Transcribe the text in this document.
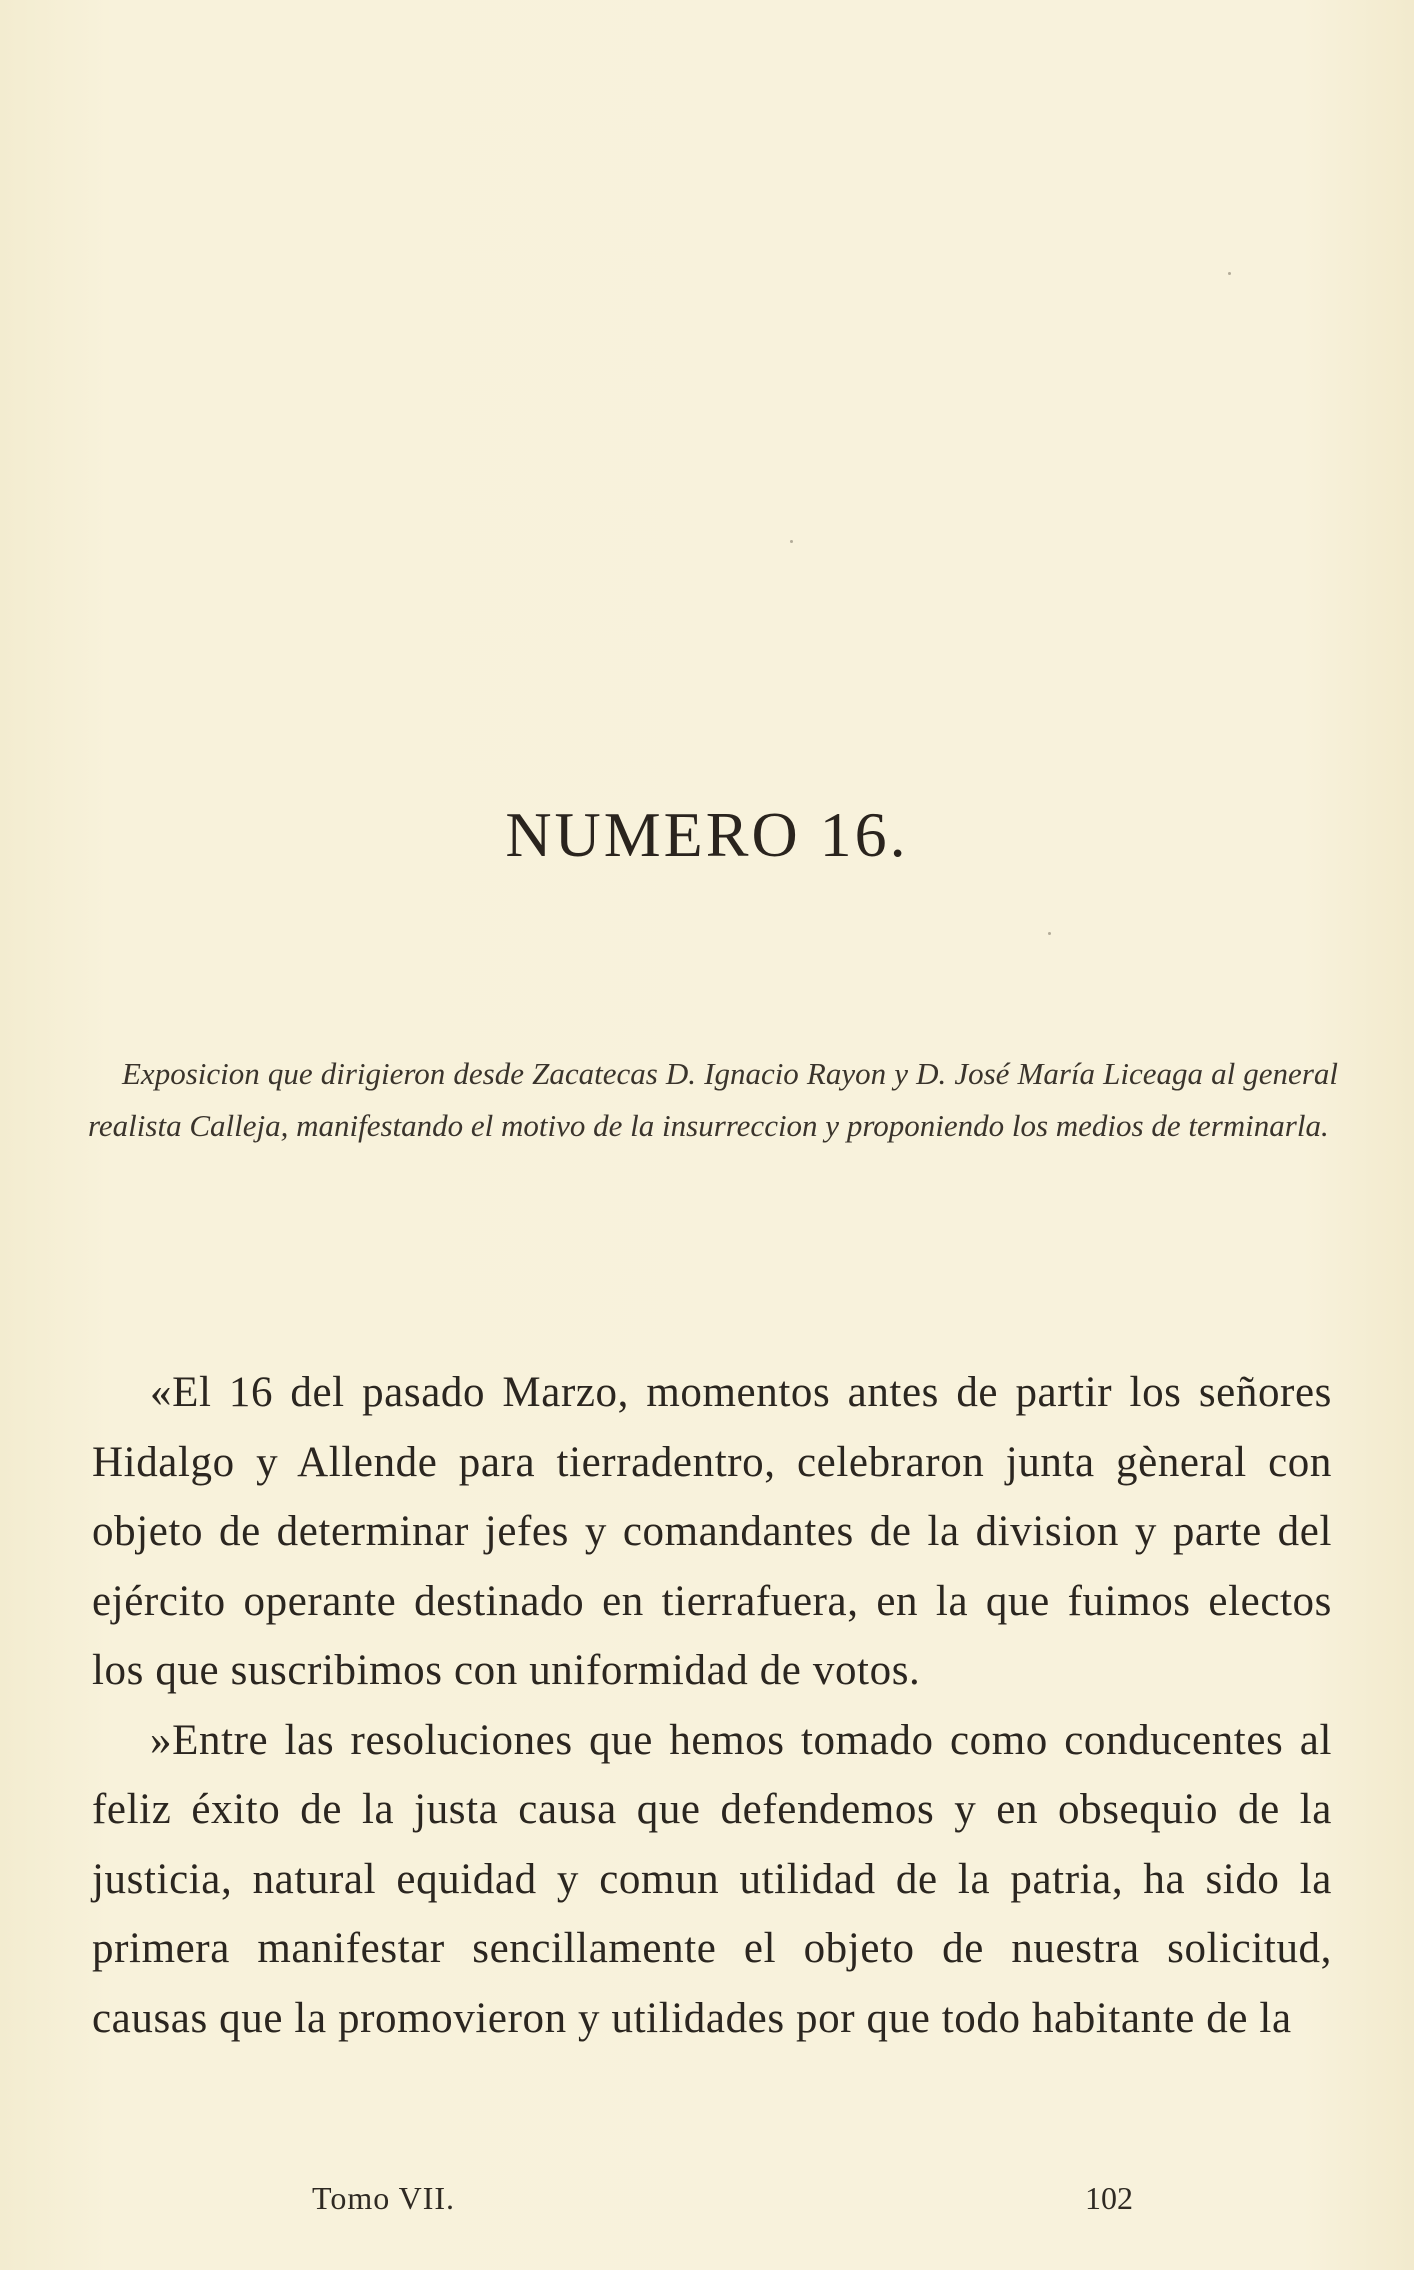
NUMERO 16.

Exposicion que dirigieron desde Zacatecas D. Ignacio Rayon y D. José María Liceaga al general realista Calleja, manifestando el motivo de la insurreccion y proponiendo los medios de terminarla.

«El 16 del pasado Marzo, momentos antes de partir los señores Hidalgo y Allende para tierradentro, celebraron junta gèneral con objeto de determinar jefes y comandantes de la division y parte del ejército operante destinado en tierrafuera, en la que fuimos electos los que suscribimos con uniformidad de votos.

»Entre las resoluciones que hemos tomado como conducentes al feliz éxito de la justa causa que defendemos y en obsequio de la justicia, natural equidad y comun utilidad de la patria, ha sido la primera manifestar sencillamente el objeto de nuestra solicitud, causas que la promovieron y utilidades por que todo habitante de la

Tomo VII.	102
